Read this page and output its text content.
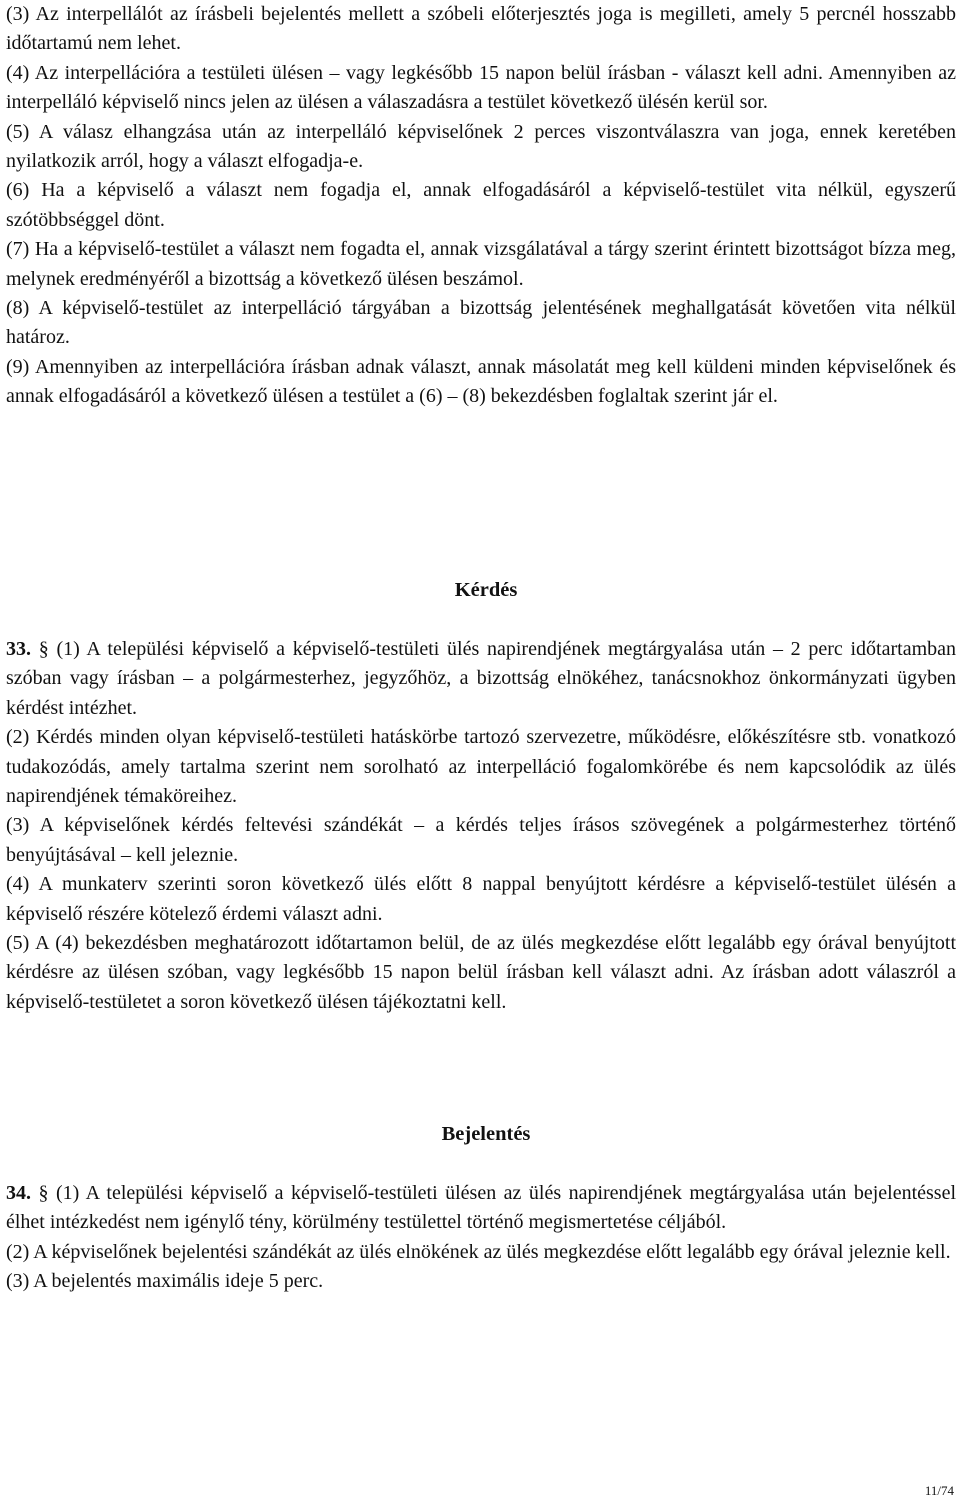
(3) Az interpellálót az írásbeli bejelentés mellett a szóbeli előterjesztés joga is megilleti, amely 5 percnél hosszabb időtartamú nem lehet.

(4) Az interpellációra a testületi ülésen – vagy legkésőbb 15 napon belül írásban - választ kell adni. Amennyiben az interpelláló képviselő nincs jelen az ülésen a válaszadásra a testület következő ülésén kerül sor.

(5) A válasz elhangzása után az interpelláló képviselőnek 2 perces viszontválaszra van joga, ennek keretében nyilatkozik arról, hogy a választ elfogadja-e.

(6) Ha a képviselő a választ nem fogadja el, annak elfogadásáról a képviselő-testület vita nélkül, egyszerű szótöbbséggel dönt.

(7) Ha a képviselő-testület a választ nem fogadta el, annak vizsgálatával a tárgy szerint érintett bizottságot bízza meg, melynek eredményéről a bizottság a következő ülésen beszámol.

(8) A képviselő-testület az interpelláció tárgyában a bizottság jelentésének meghallgatását követően vita nélkül határoz.

(9) Amennyiben az interpellációra írásban adnak választ, annak másolatát meg kell küldeni minden képviselőnek és annak elfogadásáról a következő ülésen a testület a (6) – (8) bekezdésben foglaltak szerint jár el.

Kérdés

33. § (1) A települési képviselő a képviselő-testületi ülés napirendjének megtárgyalása után – 2 perc időtartamban szóban vagy írásban – a polgármesterhez, jegyzőhöz, a bizottság elnökéhez, tanácsnokhoz önkormányzati ügyben kérdést intézhet.

(2) Kérdés minden olyan képviselő-testületi hatáskörbe tartozó szervezetre, működésre, előkészítésre stb. vonatkozó tudakozódás, amely tartalma szerint nem sorolható az interpelláció fogalomkörébe és nem kapcsolódik az ülés napirendjének témaköreihez.

(3) A képviselőnek kérdés feltevési szándékát – a kérdés teljes írásos szövegének a polgármesterhez történő benyújtásával – kell jeleznie.

(4) A munkaterv szerinti soron következő ülés előtt 8 nappal benyújtott kérdésre a képviselő-testület ülésén a képviselő részére kötelező érdemi választ adni.

(5) A (4) bekezdésben meghatározott időtartamon belül, de az ülés megkezdése előtt legalább egy órával benyújtott kérdésre az ülésen szóban, vagy legkésőbb 15 napon belül írásban kell választ adni. Az írásban adott válaszról a képviselő-testületet a soron következő ülésen tájékoztatni kell.

Bejelentés

34. § (1) A települési képviselő a képviselő-testületi ülésen az ülés napirendjének megtárgyalása után bejelentéssel élhet intézkedést nem igénylő tény, körülmény testülettel történő megismertetése céljából.

(2) A képviselőnek bejelentési szándékát az ülés elnökének az ülés megkezdése előtt legalább egy órával jeleznie kell.

(3) A bejelentés maximális ideje 5 perc.

11/74
